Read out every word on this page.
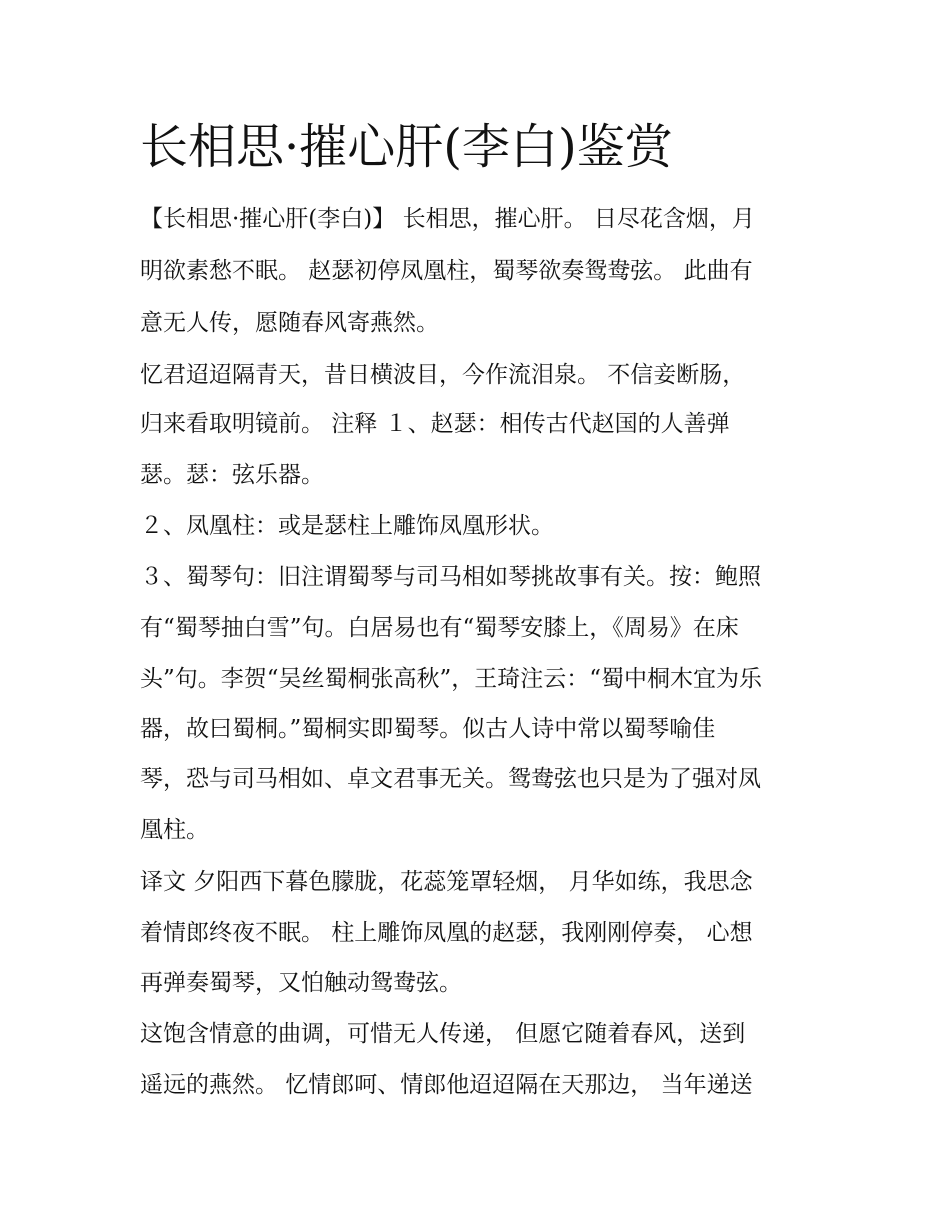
长相思·摧心肝(李白)鉴赏

【长相思·摧心肝(李白)】 长相思，摧心肝。 日尽花含烟，月

明欲素愁不眠。 赵瑟初停凤凰柱，蜀琴欲奏鸳鸯弦。 此曲有

意无人传，愿随春风寄燕然。

忆君迢迢隔青天，昔日横波目，今作流泪泉。 不信妾断肠，

归来看取明镜前。 注释 １、赵瑟：相传古代赵国的人善弹

瑟。瑟：弦乐器。

２、凤凰柱：或是瑟柱上雕饰凤凰形状。

３、蜀琴句：旧注谓蜀琴与司马相如琴挑故事有关。按：鲍照

有“蜀琴抽白雪”句。白居易也有“蜀琴安膝上，《周易》在床

头”句。李贺“吴丝蜀桐张高秋”，王琦注云：“蜀中桐木宜为乐

器，故曰蜀桐。”蜀桐实即蜀琴。似古人诗中常以蜀琴喻佳

琴，恐与司马相如、卓文君事无关。鸳鸯弦也只是为了强对凤

凰柱。

译文 夕阳西下暮色朦胧，花蕊笼罩轻烟， 月华如练，我思念

着情郎终夜不眠。 柱上雕饰凤凰的赵瑟，我刚刚停奏， 心想

再弹奏蜀琴，又怕触动鸳鸯弦。

这饱含情意的曲调，可惜无人传递， 但愿它随着春风，送到

遥远的燕然。 忆情郎呵、情郎他迢迢隔在天那边， 当年递送
